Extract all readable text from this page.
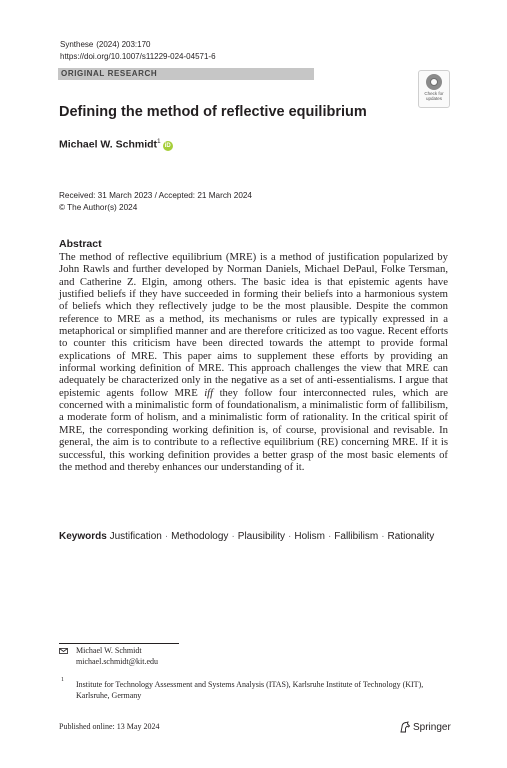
Synthese (2024) 203:170
https://doi.org/10.1007/s11229-024-04571-6
ORIGINAL RESEARCH
Check for
updates
Defining the method of reflective equilibrium
Michael W. Schmidt$^1$iD
Received: 31 March 2023 / Accepted: 21 March 2024
© The Author(s) 2024
Abstract

The method of reflective equilibrium (MRE) is a method of justification popularized by John Rawls and further developed by Norman Daniels, Michael DePaul, Folke Tersman, and Catherine Z. Elgin, among others. The basic idea is that epistemic agents have justified beliefs if they have succeeded in forming their beliefs into a harmonious system of beliefs which they reflectively judge to be the most plausible. Despite the common reference to MRE as a method, its mechanisms or rules are typically expressed in a metaphorical or simplified manner and are therefore criticized as too vague. Recent efforts to counter this criticism have been directed towards the attempt to provide formal explications of MRE. This paper aims to supplement these efforts by providing an informal working definition of MRE. This approach challenges the view that MRE can adequately be characterized only in the negative as a set of anti-essentialisms. I argue that epistemic agents follow MRE iff they follow four interconnected rules, which are concerned with a minimalistic form of foundationalism, a minimalistic form of fallibilism, a moderate form of holism, and a minimalistic form of rationality. In the critical spirit of MRE, the corresponding working definition is, of course, provisional and revisable. In general, the aim is to contribute to a reflective equilibrium (RE) concerning MRE. If it is successful, this working definition provides a better grasp of the most basic elements of the method and thereby enhances our understanding of it.

Keywords Justification · Methodology · Plausibility · Holism · Fallibilism · Rationality
Michael W. Schmidt
michael.schmidt@kit.edu
1 Institute for Technology Assessment and Systems Analysis (ITAS), Karlsruhe Institute of Technology (KIT), Karlsruhe, Germany
Published online: 13 May 2024	Springer
